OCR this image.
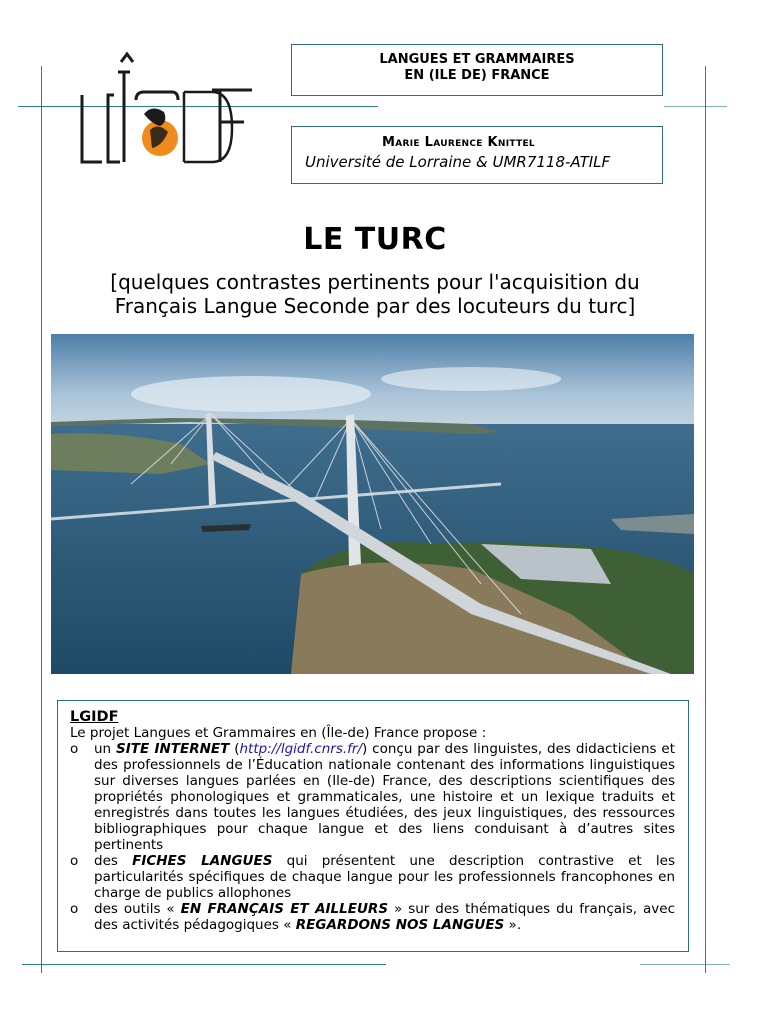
LANGUES ET GRAMMAIRES
EN (ILE DE) FRANCE
Marie Laurence Knittel
Université de Lorraine & UMR7118-ATILF
LE TURC
[quelques contrastes pertinents pour l'acquisition du
Français Langue Seconde par des locuteurs du turc]
LGIDF
Le projet Langues et Grammaires en (Île-de) France propose :
o un SITE INTERNET (http://lgidf.cnrs.fr/) conçu par des linguistes, des didacticiens et des professionnels de l’Éducation nationale contenant des informations linguistiques sur diverses langues parlées en (Ile-de) France, des descriptions scientifiques des propriétés phonologiques et grammaticales, une histoire et un lexique traduits et enregistrés dans toutes les langues étudiées, des jeux linguistiques, des ressources bibliographiques pour chaque langue et des liens conduisant à d’autres sites pertinents
o des FICHES LANGUES qui présentent une description contrastive et les particularités spécifiques de chaque langue pour les professionnels francophones en charge de publics allophones
o des outils « EN FRANÇAIS ET AILLEURS » sur des thématiques du français, avec des activités pédagogiques « REGARDONS NOS LANGUES ».
